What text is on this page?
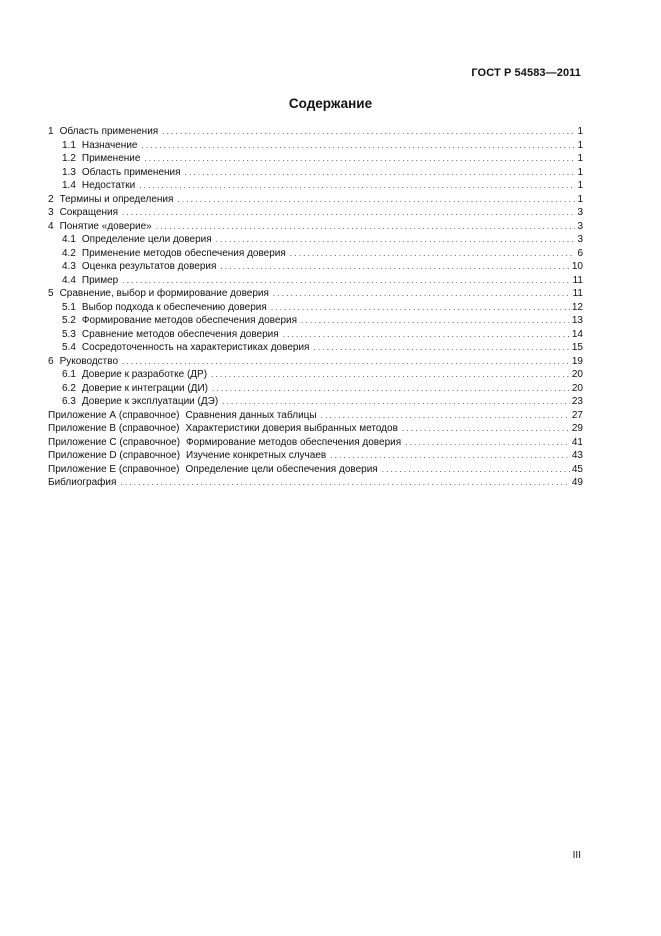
ГОСТ Р 54583—2011
Содержание
1 Область применения . . .	1
1.1 Назначение . . .	1
1.2 Применение . . .	1
1.3 Область применения . . .	1
1.4 Недостатки . . .	1
2 Термины и определения . . .	1
3 Сокращения . . .	3
4 Понятие «доверие» . . .	3
4.1 Определение цели доверия . . .	3
4.2 Применение методов обеспечения доверия . . .	6
4.3 Оценка результатов доверия . . .	10
4.4 Пример . . .	11
5 Сравнение, выбор и формирование доверия . . .	11
5.1 Выбор подхода к обеспечению доверия . . .	12
5.2 Формирование методов обеспечения доверия . . .	13
5.3 Сравнение методов обеспечения доверия . . .	14
5.4 Сосредоточенность на характеристиках доверия . . .	15
6 Руководство . . .	19
6.1 Доверие к разработке (ДР) . . .	20
6.2 Доверие к интеграции (ДИ) . . .	20
6.3 Доверие к эксплуатации (ДЭ) . . .	23
Приложение А (справочное) Сравнения данных таблицы . . .	27
Приложение В (справочное) Характеристики доверия выбранных методов . . .	29
Приложение С (справочное) Формирование методов обеспечения доверия . . .	41
Приложение D (справочное) Изучение конкретных случаев . . .	43
Приложение Е (справочное) Определение цели обеспечения доверия . . .	45
Библиография . . .	49
III
